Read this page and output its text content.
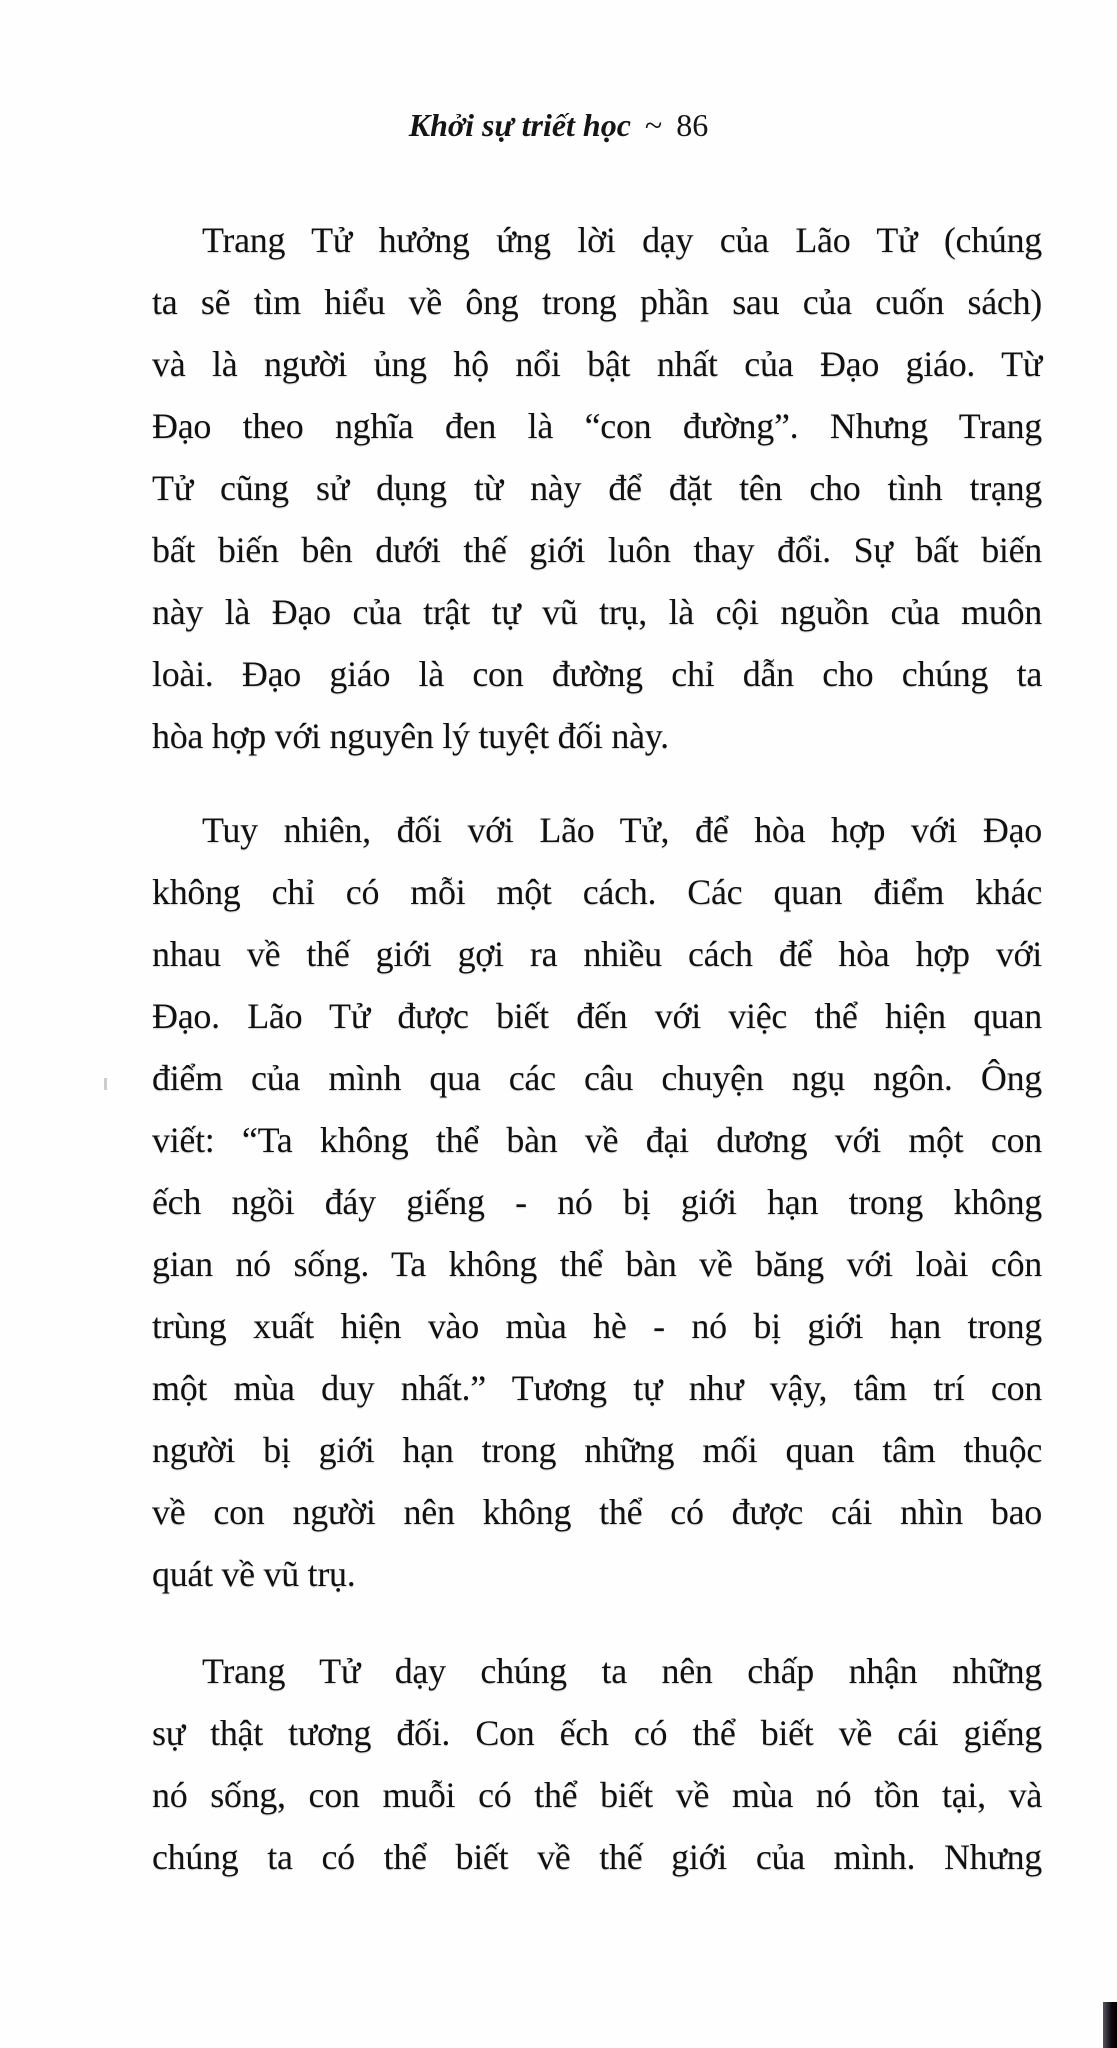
Khởi sự triết học ~ 86
Trang Tử hưởng ứng lời dạy của Lão Tử (chúng
ta sẽ tìm hiểu về ông trong phần sau của cuốn sách)
và là người ủng hộ nổi bật nhất của Đạo giáo. Từ
Đạo theo nghĩa đen là “con đường”. Nhưng Trang
Tử cũng sử dụng từ này để đặt tên cho tình trạng
bất biến bên dưới thế giới luôn thay đổi. Sự bất biến
này là Đạo của trật tự vũ trụ, là cội nguồn của muôn
loài. Đạo giáo là con đường chỉ dẫn cho chúng ta
hòa hợp với nguyên lý tuyệt đối này.
Tuy nhiên, đối với Lão Tử, để hòa hợp với Đạo
không chỉ có mỗi một cách. Các quan điểm khác
nhau về thế giới gợi ra nhiều cách để hòa hợp với
Đạo. Lão Tử được biết đến với việc thể hiện quan
điểm của mình qua các câu chuyện ngụ ngôn. Ông
viết: “Ta không thể bàn về đại dương với một con
ếch ngồi đáy giếng - nó bị giới hạn trong không
gian nó sống. Ta không thể bàn về băng với loài côn
trùng xuất hiện vào mùa hè - nó bị giới hạn trong
một mùa duy nhất.” Tương tự như vậy, tâm trí con
người bị giới hạn trong những mối quan tâm thuộc
về con người nên không thể có được cái nhìn bao
quát về vũ trụ.
Trang Tử dạy chúng ta nên chấp nhận những
sự thật tương đối. Con ếch có thể biết về cái giếng
nó sống, con muỗi có thể biết về mùa nó tồn tại, và
chúng ta có thể biết về thế giới của mình. Nhưng
